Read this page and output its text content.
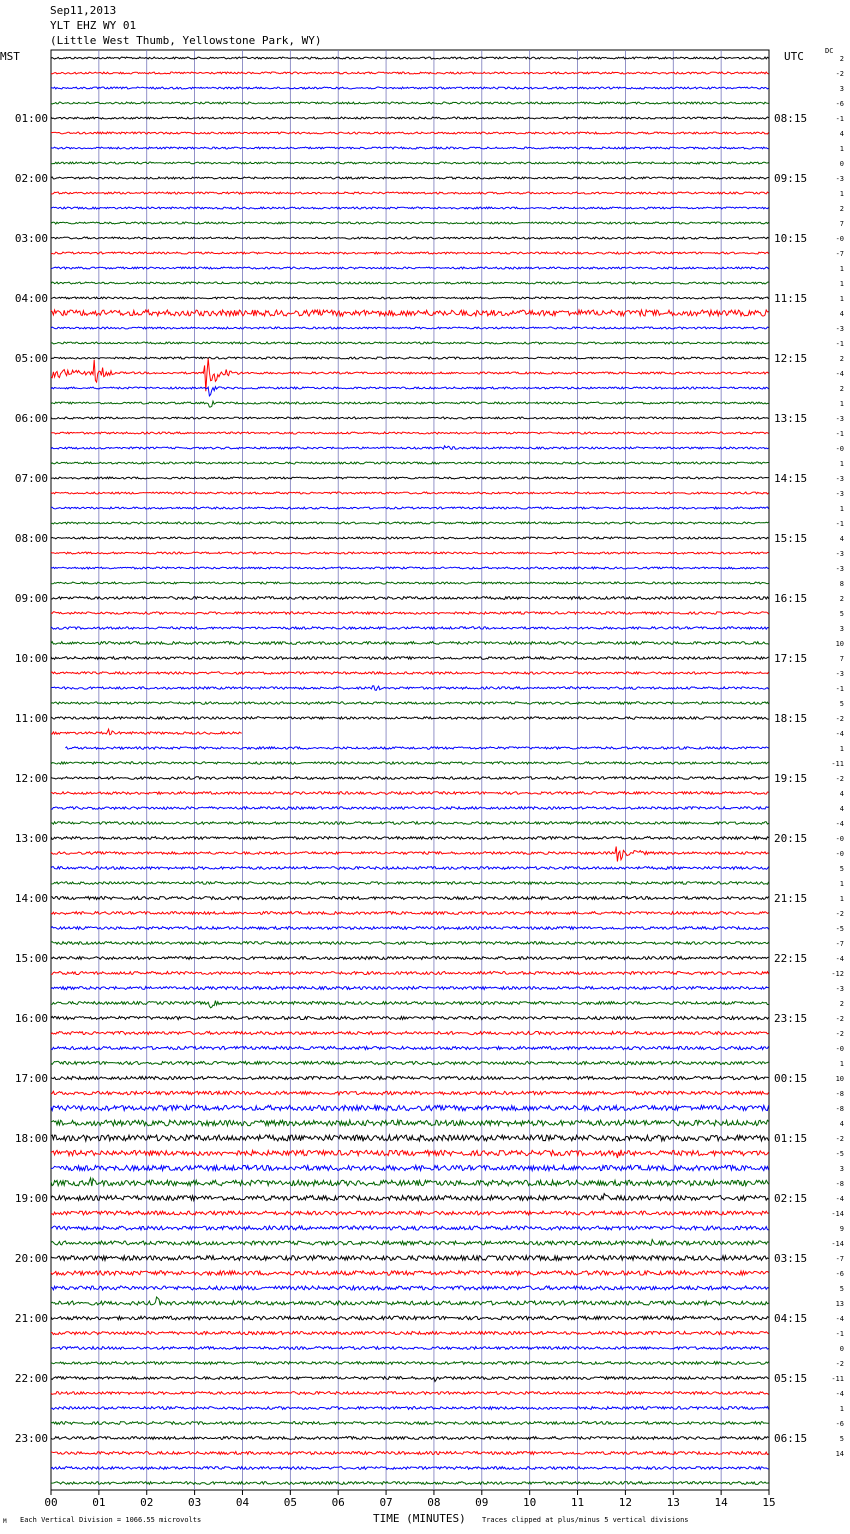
Sep11,2013
YLT EHZ WY 01
(Little West Thumb, Yellowstone Park, WY)
MST	UTC	DC
00	01	02	03	04	05	06	07	08	09	10	11	12	13	14	15
2
-2
3
-6
-1
4
1
0
-3
1
2
7
-0
-7
1
1
1
4
-3
-1
2
-4
2
1
-3
-1
-0
1
-3
-3
1
-1
4
-3
-3
8
2
5
3
10
7
-3
-1
5
-2
-4
1
-11
-2
4
4
-4
-0
-0
5
1
1
-2
-5
-7
-4
-12
-3
2
-2
-2
-0
1
10
-8
-8
4
-2
-5
3
-8
-4
-14
9
-14
-7
-6
5
13
-4
-1
0
-2
-11
-4
1
-6
5
14
01:00	08:15
02:00	09:15
03:00	10:15
04:00	11:15
05:00	12:15
06:00	13:15
07:00	14:15
08:00	15:15
09:00	16:15
10:00	17:15
11:00	18:15
12:00	19:15
13:00	20:15
14:00	21:15
15:00	22:15
16:00	23:15
17:00	00:15
18:00	01:15
19:00	02:15
20:00	03:15
21:00	04:15
22:00	05:15
23:00	06:15
TIME (MINUTES)
Each Vertical Division = 1066.55 microvolts	Traces clipped at plus/minus 5 vertical divisions
M
